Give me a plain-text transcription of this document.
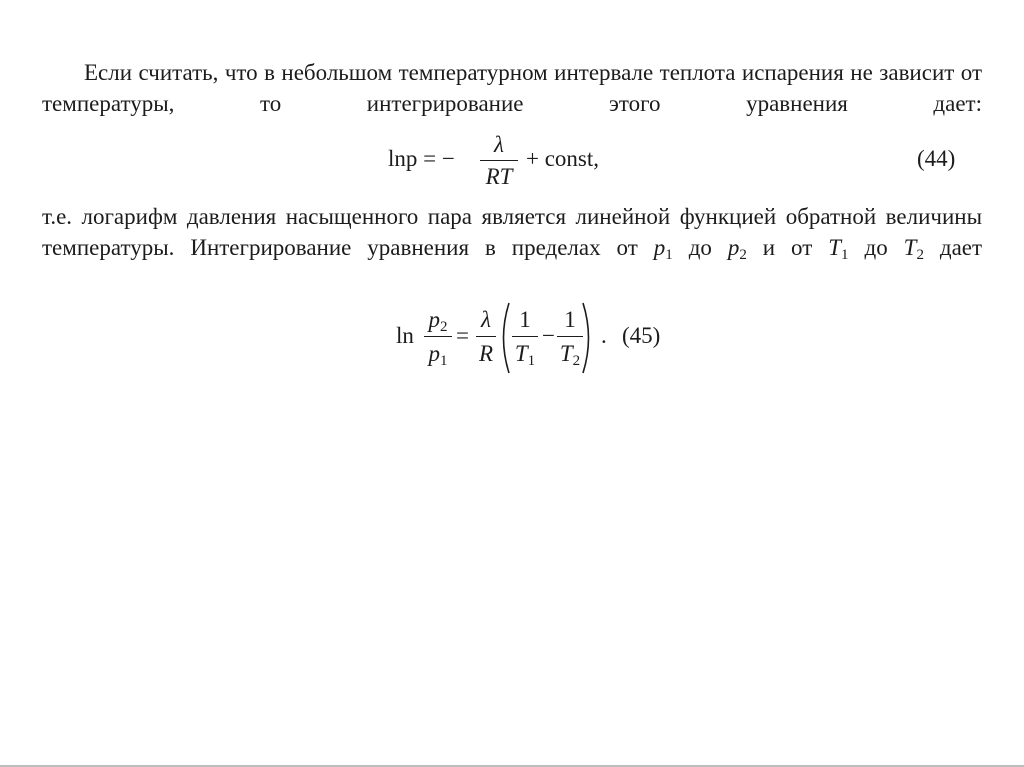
Если считать, что в небольшом температурном интервале теплота испарения не зависит от температуры, то интегрирование этого уравнения дает:
lnp = −
λ
RT
+ const,	(44)
т.е. логарифм давления насыщенного пара является линейной функцией обратной величины температуры. Интегрирование уравнения в пределах от $p_1$ до $p_2$ и от $T_1$ до $T_2$ дает
ln
$p_2$
$p_1$
=
λ
R
1
$T_1$
−
1
$T_2$
. (45)
